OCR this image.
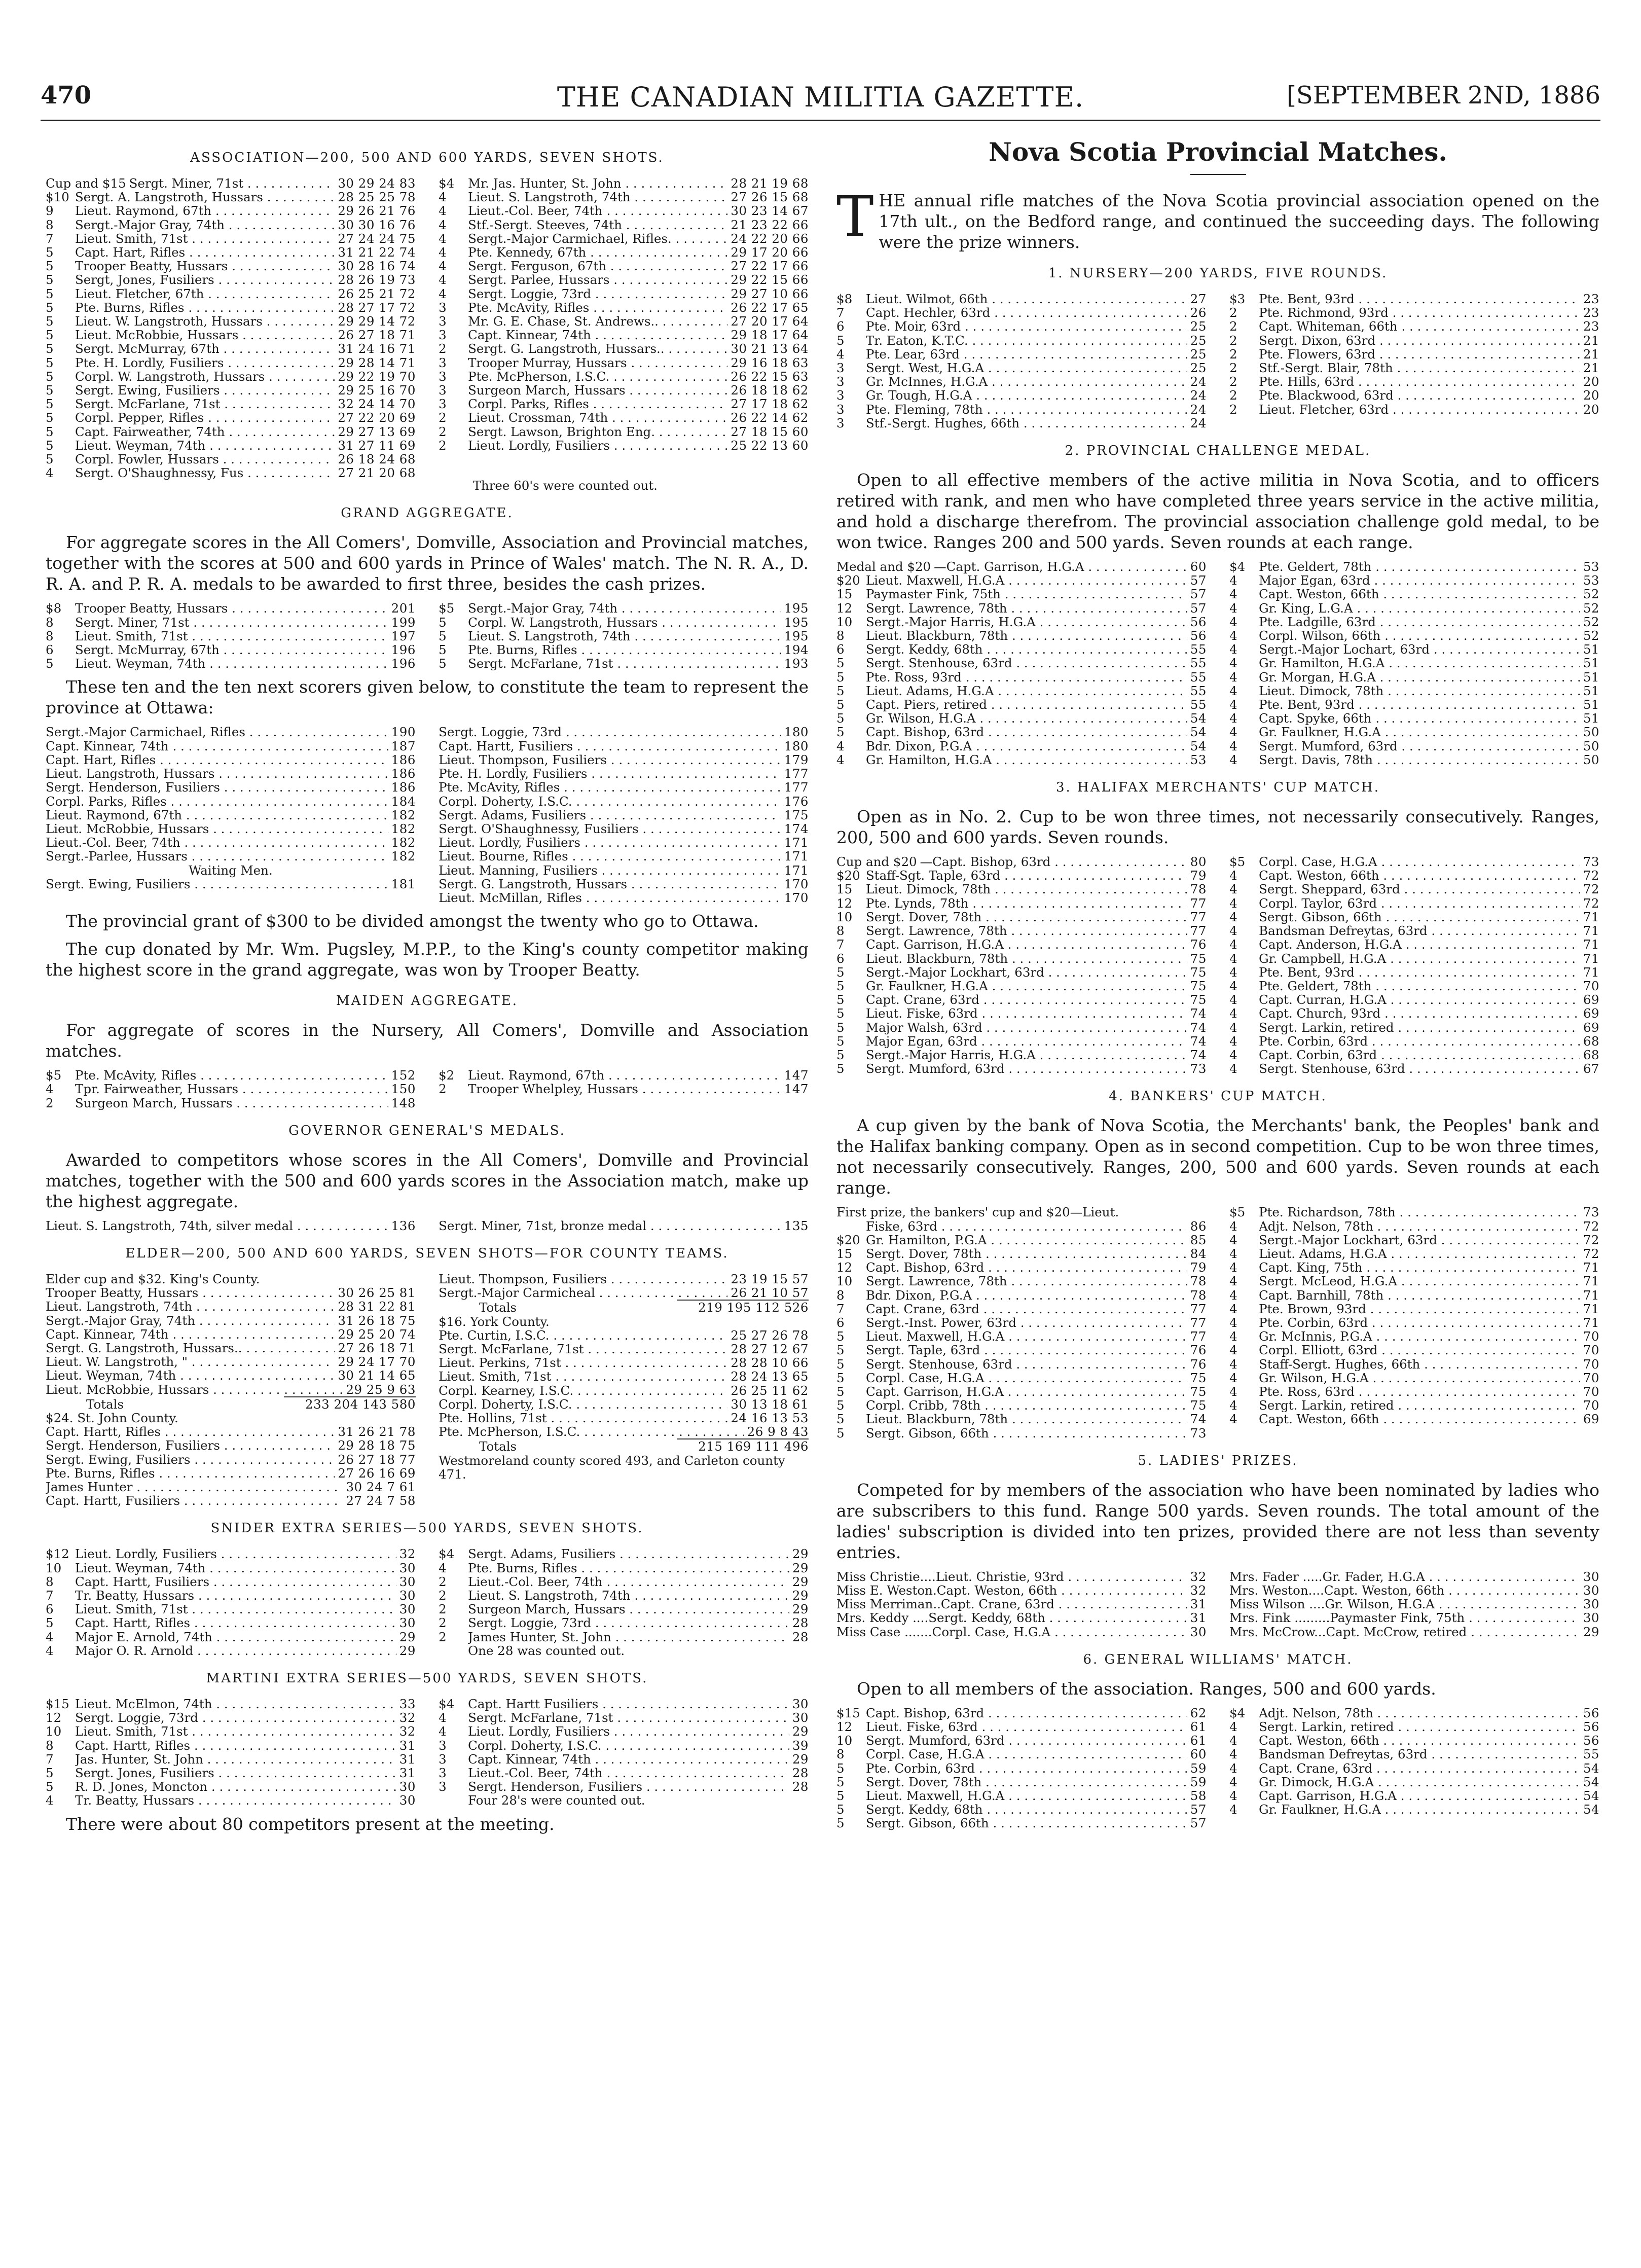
470	THE CANADIAN MILITIA GAZETTE.	[SEPTEMBER 2ND, 1886
ASSOCIATION—200, 500 AND 600 YARDS, SEVEN SHOTS.
Cup and $15 Sergt. Miner, 71st . . .	30 29 24 83
$10 Sergt. A. Langstroth, Hussars . . .	28 25 25 78
9	Lieut. Raymond, 67th . . .	29 26 21 76
8	Sergt.-Major Gray, 74th . . .	30 30 16 76
7	Lieut. Smith, 71st . . .	27 24 24 75
5	Capt. Hart, Rifles . . .	31 21 22 74
5	Trooper Beatty, Hussars . . .	30 28 16 74
5	Sergt, Jones, Fusiliers . . .	28 26 19 73
5	Lieut. Fletcher, 67th . . .	26 25 21 72
5	Pte. Burns, Rifles . . .	28 27 17 72
5	Lieut. W. Langstroth, Hussars . . .	29 29 14 72
5	Lieut. McRobbie, Hussars . . .	26 27 18 71
5	Sergt. McMurray, 67th . . .	31 24 16 71
5	Pte. H. Lordly, Fusiliers . . .	29 28 14 71
5	Corpl. W. Langstroth, Hussars . . .	29 22 19 70
5	Sergt. Ewing, Fusiliers . . .	29 25 16 70
5	Sergt. McFarlane, 71st . . .	32 24 14 70
5	Corpl. Pepper, Rifles . . .	27 22 20 69
5	Capt. Fairweather, 74th . . .	29 27 13 69
5	Lieut. Weyman, 74th . . .	31 27 11 69
5	Corpl. Fowler, Hussars . . .	26 18 24 68
4	Sergt. O'Shaughnessy, Fus . . .	27 21 20 68
$4	Mr. Jas. Hunter, St. John . . .	28 21 19 68
4	Lieut. S. Langstroth, 74th . . .	27 26 15 68
4	Lieut.-Col. Beer, 74th . . .	30 23 14 67
4	Stf.-Sergt. Steeves, 74th . . .	21 23 22 66
4	Sergt.-Major Carmichael, Rifles. . . .	24 22 20 66
4	Pte. Kennedy, 67th . . .	29 17 20 66
4	Sergt. Ferguson, 67th . . .	27 22 17 66
4	Sergt. Parlee, Hussars . . .	29 22 15 66
4	Sergt. Loggie, 73rd . . .	29 27 10 66
3	Pte. McAvity, Rifles . . .	26 22 17 65
3	Mr. G. E. Chase, St. Andrews.. . . .	27 20 17 64
3	Capt. Kinnear, 74th . . .	29 18 17 64
2	Sergt. G. Langstroth, Hussars.. . . .	30 21 13 64
3	Trooper Murray, Hussars . . .	29 16 18 63
3	Pte. McPherson, I.S.C. . . .	26 22 15 63
3	Surgeon March, Hussars . . .	26 18 18 62
3	Corpl. Parks, Rifles . . .	27 17 18 62
2	Lieut. Crossman, 74th . . .	26 22 14 62
2	Sergt. Lawson, Brighton Eng. . . .	27 18 15 60
2	Lieut. Lordly, Fusiliers . . .	25 22 13 60
Three 60's were counted out.
GRAND AGGREGATE.
For aggregate scores in the All Comers', Domville, Association and Provincial matches, together with the scores at 500 and 600 yards in Prince of Wales' match. The N. R. A., D. R. A. and P. R. A. medals to be awarded to first three, besides the cash prizes.
$8	Trooper Beatty, Hussars . . .	201
8	Sergt. Miner, 71st . . .	199
8	Lieut. Smith, 71st . . .	197
6	Sergt. McMurray, 67th . . .	196
5	Lieut. Weyman, 74th . . .	196
$5	Sergt.-Major Gray, 74th . . .	195
5	Corpl. W. Langstroth, Hussars . . .	195
5	Lieut. S. Langstroth, 74th . . .	195
5	Pte. Burns, Rifles . . .	194
5	Sergt. McFarlane, 71st . . .	193
These ten and the ten next scorers given below, to constitute the team to represent the province at Ottawa:
Sergt.-Major Carmichael, Rifles . . .	190
Capt. Kinnear, 74th . . .	187
Capt. Hart, Rifles . . .	186
Lieut. Langstroth, Hussars . . .	186
Sergt. Henderson, Fusiliers . . .	186
Corpl. Parks, Rifles . . .	184
Lieut. Raymond, 67th . . .	182
Lieut. McRobbie, Hussars . . .	182
Lieut.-Col. Beer, 74th . . .	182
Sergt.-Parlee, Hussars . . .	182
Waiting Men.
Sergt. Ewing, Fusiliers . . .	181
Sergt. Loggie, 73rd . . .	180
Capt. Hartt, Fusiliers . . .	180
Lieut. Thompson, Fusiliers . . .	179
Pte. H. Lordly, Fusiliers . . .	177
Pte. McAvity, Rifles . . .	177
Corpl. Doherty, I.S.C. . . .	176
Sergt. Adams, Fusiliers . . .	175
Sergt. O'Shaughnessy, Fusiliers . . .	174
Lieut. Lordly, Fusiliers . . .	171
Lieut. Bourne, Rifles . . .	171
Lieut. Manning, Fusiliers . . .	171
Sergt. G. Langstroth, Hussars . . .	170
Lieut. McMillan, Rifles . . .	170
The provincial grant of $300 to be divided amongst the twenty who go to Ottawa.
The cup donated by Mr. Wm. Pugsley, M.P.P., to the King's county competitor making the highest score in the grand aggregate, was won by Trooper Beatty.
MAIDEN AGGREGATE.
For aggregate of scores in the Nursery, All Comers', Domville and Association matches.
$5	Pte. McAvity, Rifles . . .	152
4	Tpr. Fairweather, Hussars . . .	150
2	Surgeon March, Hussars . . .	148
$2	Lieut. Raymond, 67th . . .	147
2	Trooper Whelpley, Hussars . . .	147
GOVERNOR GENERAL'S MEDALS.
Awarded to competitors whose scores in the All Comers', Domville and Provincial matches, together with the 500 and 600 yards scores in the Association match, make up the highest aggregate.
Lieut. S. Langstroth, 74th, silver medal . . .	136 Sergt. Miner, 71st, bronze medal . . .	135
ELDER—200, 500 AND 600 YARDS, SEVEN SHOTS—FOR COUNTY TEAMS.
Elder cup and $32. King's County.
Trooper Beatty, Hussars . . .	30 26 25 81
Lieut. Langstroth, 74th . . .	28 31 22 81
Sergt.-Major Gray, 74th . . .	31 26 18 75
Capt. Kinnear, 74th . . .	29 25 20 74
Sergt. G. Langstroth, Hussars.. . . .	27 26 18 71
Lieut. W. Langstroth, " . . .	29 24 17 70
Lieut. Weyman, 74th . . .	30 21 14 65
Lieut. McRobbie, Hussars . . .	29 25 9 63
Totals	233 204 143 580
$24. St. John County.
Capt. Hartt, Rifles . . .	31 26 21 78
Sergt. Henderson, Fusiliers . . .	29 28 18 75
Sergt. Ewing, Fusiliers . . .	26 27 18 77
Pte. Burns, Rifles . . .	27 26 16 69
James Hunter . . .	30 24 7 61
Capt. Hartt, Fusiliers . . .	27 24 7 58
Lieut. Thompson, Fusiliers . . .	23 19 15 57
Sergt.-Major Carmicheal . . .	26 21 10 57
Totals	219 195 112 526
$16. York County.
Pte. Curtin, I.S.C. . . .	25 27 26 78
Sergt. McFarlane, 71st . . .	28 27 12 67
Lieut. Perkins, 71st . . .	28 28 10 66
Lieut. Smith, 71st . . .	28 24 13 65
Corpl. Kearney, I.S.C. . . .	26 25 11 62
Corpl. Doherty, I.S.C. . . .	30 13 18 61
Pte. Hollins, 71st . . .	24 16 13 53
Pte. McPherson, I.S.C. . . .	26 9 8 43
Totals	215 169 111 496
Westmoreland county scored 493, and Carleton county 471.
SNIDER EXTRA SERIES—500 YARDS, SEVEN SHOTS.
$12 Lieut. Lordly, Fusiliers . . .	32
10	Lieut. Weyman, 74th . . .	30
8	Capt. Hartt, Fusiliers . . .	30
7	Tr. Beatty, Hussars . . .	30
6	Lieut. Smith, 71st . . .	30
5	Capt. Hartt, Rifles . . .	30
4	Major E. Arnold, 74th . . .	29
4	Major O. R. Arnold . . .	29
$4	Sergt. Adams, Fusiliers . . .	29
4	Pte. Burns, Rifles . . .	29
2	Lieut.-Col. Beer, 74th . . .	29
2	Lieut. S. Langstroth, 74th . . .	29
2	Surgeon March, Hussars . . .	29
2	Sergt. Loggie, 73rd . . .	28
2	James Hunter, St. John . . .	28
One 28 was counted out.
MARTINI EXTRA SERIES—500 YARDS, SEVEN SHOTS.
$15 Lieut. McElmon, 74th . . .	33
12	Sergt. Loggie, 73rd . . .	32
10	Lieut. Smith, 71st . . .	32
8	Capt. Hartt, Rifles . . .	31
7	Jas. Hunter, St. John . . .	31
5	Sergt. Jones, Fusiliers . . .	31
5	R. D. Jones, Moncton . . .	30
4	Tr. Beatty, Hussars . . .	30
$4	Capt. Hartt Fusiliers . . .	30
4	Sergt. McFarlane, 71st . . .	30
4	Lieut. Lordly, Fusiliers . . .	29
3	Corpl. Doherty, I.S.C. . . .	39
3	Capt. Kinnear, 74th . . .	29
3	Lieut.-Col. Beer, 74th . . .	28
3	Sergt. Henderson, Fusiliers . . .	28
Four 28's were counted out.
There were about 80 competitors present at the meeting.
Nova Scotia Provincial Matches.
THE annual rifle matches of the Nova Scotia provincial association opened on the 17th ult., on the Bedford range, and continued the succeeding days. The following were the prize winners.
1. NURSERY—200 YARDS, FIVE ROUNDS.
$8	Lieut. Wilmot, 66th . . .	27
7	Capt. Hechler, 63rd . . .	26
6	Pte. Moir, 63rd . . .	25
5	Tr. Eaton, K.T.C. . . .	25
4	Pte. Lear, 63rd . . .	25
3	Sergt. West, H.G.A . . .	25
3	Gr. McInnes, H.G.A . . .	24
3	Gr. Tough, H.G.A . . .	24
3	Pte. Fleming, 78th . . .	24
3	Stf.-Sergt. Hughes, 66th . . .	24
$3	Pte. Bent, 93rd . . .	23
2	Pte. Richmond, 93rd . . .	23
2	Capt. Whiteman, 66th . . .	23
2	Sergt. Dixon, 63rd . . .	21
2	Pte. Flowers, 63rd . . .	21
2	Stf.-Sergt. Blair, 78th . . .	21
2	Pte. Hills, 63rd . . .	20
2	Pte. Blackwood, 63rd . . .	20
2	Lieut. Fletcher, 63rd . . .	20
2. PROVINCIAL CHALLENGE MEDAL.
Open to all effective members of the active militia in Nova Scotia, and to officers retired with rank, and men who have completed three years service in the active militia, and hold a discharge therefrom. The provincial association challenge gold medal, to be won twice. Ranges 200 and 500 yards. Seven rounds at each range.
Medal and $20 —Capt. Garrison, H.G.A . . .	60
$20 Lieut. Maxwell, H.G.A . . .	57
15	Paymaster Fink, 75th . . .	57
12	Sergt. Lawrence, 78th . . .	57
10	Sergt.-Major Harris, H.G.A . . .	56
8	Lieut. Blackburn, 78th . . .	56
6	Sergt. Keddy, 68th . . .	55
5	Sergt. Stenhouse, 63rd . . .	55
5	Pte. Ross, 93rd . . .	55
5	Lieut. Adams, H.G.A . . .	55
5	Capt. Piers, retired . . .	55
5	Gr. Wilson, H.G.A . . .	54
5	Capt. Bishop, 63rd . . .	54
4	Bdr. Dixon, P.G.A . . .	54
4	Gr. Hamilton, H.G.A . . .	53
$4	Pte. Geldert, 78th . . .	53
4	Major Egan, 63rd . . .	53
4	Capt. Weston, 66th . . .	52
4	Gr. King, L.G.A . . .	52
4	Pte. Ladgille, 63rd . . .	52
4	Corpl. Wilson, 66th . . .	52
4	Sergt.-Major Lochart, 63rd . . .	51
4	Gr. Hamilton, H.G.A . . .	51
4	Gr. Morgan, H.G.A . . .	51
4	Lieut. Dimock, 78th . . .	51
4	Pte. Bent, 93rd . . .	51
4	Capt. Spyke, 66th . . .	51
4	Gr. Faulkner, H.G.A . . .	50
4	Sergt. Mumford, 63rd . . .	50
4	Sergt. Davis, 78th . . .	50
3. HALIFAX MERCHANTS' CUP MATCH.
Open as in No. 2. Cup to be won three times, not necessarily consecutively. Ranges, 200, 500 and 600 yards. Seven rounds.
Cup and $20 —Capt. Bishop, 63rd . . .	80
$20 Staff-Sgt. Taple, 63rd . . .	79
15	Lieut. Dimock, 78th . . .	78
12	Pte. Lynds, 78th . . .	77
10	Sergt. Dover, 78th . . .	77
8	Sergt. Lawrence, 78th . . .	77
7	Capt. Garrison, H.G.A . . .	76
6	Lieut. Blackburn, 78th . . .	75
5	Sergt.-Major Lockhart, 63rd . . .	75
5	Gr. Faulkner, H.G.A . . .	75
5	Capt. Crane, 63rd . . .	75
5	Lieut. Fiske, 63rd . . .	74
5	Major Walsh, 63rd . . .	74
5	Major Egan, 63rd . . .	74
5	Sergt.-Major Harris, H.G.A . . .	74
5	Sergt. Mumford, 63rd . . .	73
$5	Corpl. Case, H.G.A . . .	73
4	Capt. Weston, 66th . . .	72
4	Sergt. Sheppard, 63rd . . .	72
4	Corpl. Taylor, 63rd . . .	72
4	Sergt. Gibson, 66th . . .	71
4	Bandsman Defreytas, 63rd . . .	71
4	Capt. Anderson, H.G.A . . .	71
4	Gr. Campbell, H.G.A . . .	71
4	Pte. Bent, 93rd . . .	71
4	Pte. Geldert, 78th . . .	70
4	Capt. Curran, H.G.A . . .	69
4	Capt. Church, 93rd . . .	69
4	Sergt. Larkin, retired . . .	69
4	Pte. Corbin, 63rd . . .	68
4	Capt. Corbin, 63rd . . .	68
4	Sergt. Stenhouse, 63rd . . .	67
4. BANKERS' CUP MATCH.
A cup given by the bank of Nova Scotia, the Merchants' bank, the Peoples' bank and the Halifax banking company. Open as in second competition. Cup to be won three times, not necessarily consecutively. Ranges, 200, 500 and 600 yards. Seven rounds at each range.
First prize, the bankers' cup and $20—Lieut.
Fiske, 63rd . . .	86
$20 Gr. Hamilton, P.G.A . . .	85
15	Sergt. Dover, 78th . . .	84
12	Capt. Bishop, 63rd . . .	79
10	Sergt. Lawrence, 78th . . .	78
8	Bdr. Dixon, P.G.A . . .	78
7	Capt. Crane, 63rd . . .	77
6	Sergt.-Inst. Power, 63rd . . .	77
5	Lieut. Maxwell, H.G.A . . .	77
5	Sergt. Taple, 63rd . . .	76
5	Sergt. Stenhouse, 63rd . . .	76
5	Corpl. Case, H.G.A . . .	75
5	Capt. Garrison, H.G.A . . .	75
5	Corpl. Cribb, 78th . . .	75
5	Lieut. Blackburn, 78th . . .	74
5	Sergt. Gibson, 66th . . .	73
$5	Pte. Richardson, 78th . . .	73
4	Adjt. Nelson, 78th . . .	72
4	Sergt.-Major Lockhart, 63rd . . .	72
4	Lieut. Adams, H.G.A . . .	72
4	Capt. King, 75th . . .	71
4	Sergt. McLeod, H.G.A . . .	71
4	Capt. Barnhill, 78th . . .	71
4	Pte. Brown, 93rd . . .	71
4	Pte. Corbin, 63rd . . .	71
4	Gr. McInnis, P.G.A . . .	70
4	Corpl. Elliott, 63rd . . .	70
4	Staff-Sergt. Hughes, 66th . . .	70
4	Gr. Wilson, H.G.A . . .	70
4	Pte. Ross, 63rd . . .	70
4	Sergt. Larkin, retired . . .	70
4	Capt. Weston, 66th . . .	69
5. LADIES' PRIZES.
Competed for by members of the association who have been nominated by ladies who are subscribers to this fund. Range 500 yards. Seven rounds. The total amount of the ladies' subscription is divided into ten prizes, provided there are not less than seventy entries.
Miss Christie....Lieut. Christie, 93rd . . .	32
Miss E. Weston.Capt. Weston, 66th . . .	32
Miss Merriman..Capt. Crane, 63rd . . .	31
Mrs. Keddy ....Sergt. Keddy, 68th . . .	31
Miss Case .......Corpl. Case, H.G.A . . .	30
Mrs. Fader .....Gr. Fader, H.G.A . . .	30
Mrs. Weston....Capt. Weston, 66th . . .	30
Miss Wilson ....Gr. Wilson, H.G.A . . .	30
Mrs. Fink .........Paymaster Fink, 75th . . .	30
Mrs. McCrow...Capt. McCrow, retired . . .	29
6. GENERAL WILLIAMS' MATCH.
Open to all members of the association. Ranges, 500 and 600 yards.
$15 Capt. Bishop, 63rd . . .	62
12	Lieut. Fiske, 63rd . . .	61
10	Sergt. Mumford, 63rd . . .	61
8	Corpl. Case, H.G.A . . .	60
5	Pte. Corbin, 63rd . . .	59
5	Sergt. Dover, 78th . . .	59
5	Lieut. Maxwell, H.G.A . . .	58
5	Sergt. Keddy, 68th . . .	57
5	Sergt. Gibson, 66th . . .	57
$4	Adjt. Nelson, 78th . . .	56
4	Sergt. Larkin, retired . . .	56
4	Capt. Weston, 66th . . .	56
4	Bandsman Defreytas, 63rd . . .	55
4	Capt. Crane, 63rd . . .	54
4	Gr. Dimock, H.G.A . . .	54
4	Capt. Garrison, H.G.A . . .	54
4	Gr. Faulkner, H.G.A . . .	54
